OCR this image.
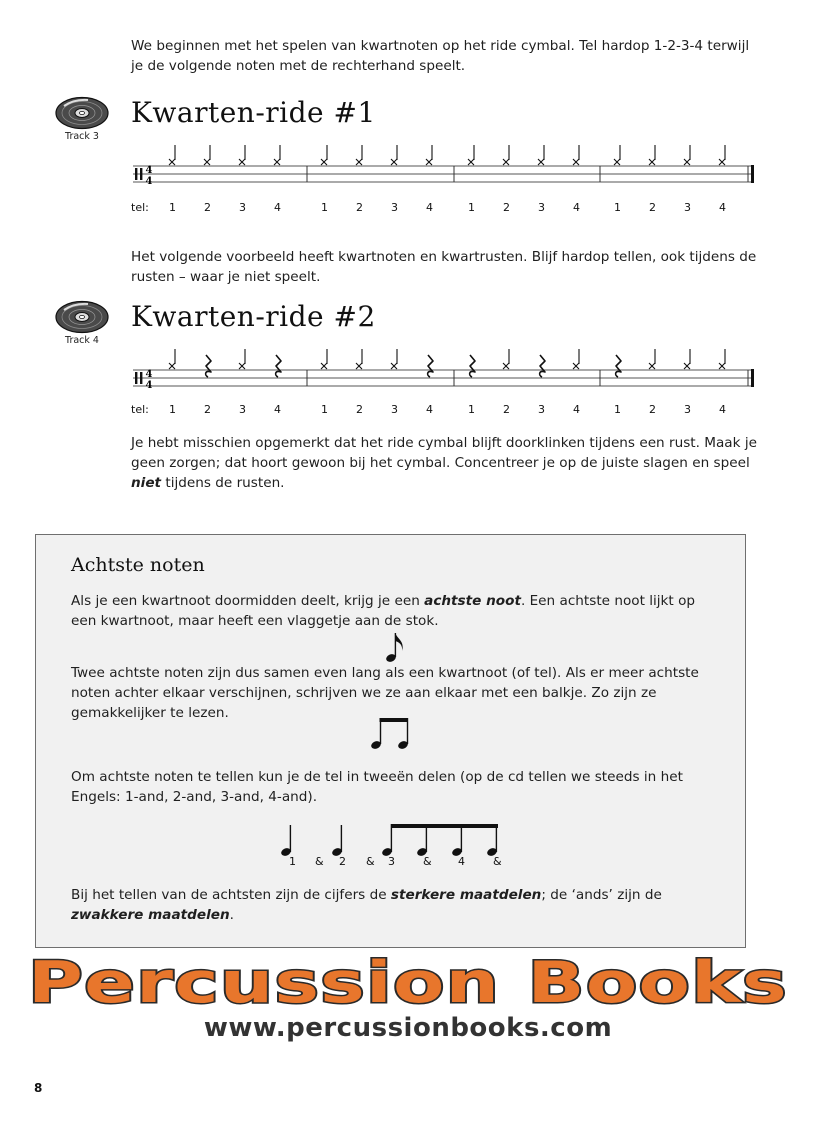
We beginnen met het spelen van kwartnoten op het ride cymbal. Tel hardop 1-2-3-4 terwijl je de volgende noten met de rechterhand speelt.

Track 3
Kwarten-ride #1
4
4
tel: 1	2	3	4	1	2	3	4	1	2	3	4	1	2	3	4

Het volgende voorbeeld heeft kwartnoten en kwartrusten. Blijf hardop tellen, ook tijdens de rusten – waar je niet speelt.

Track 4
Kwarten-ride #2
4
4
tel: 1	2	3	4	1	2	3	4	1	2	3	4	1	2	3	4

Je hebt misschien opgemerkt dat het ride cymbal blijft doorklinken tijdens een rust. Maak je geen zorgen; dat hoort gewoon bij het cymbal. Concentreer je op de juiste slagen en speel niet tijdens de rusten.

Achtste noten

Als je een kwartnoot doormidden deelt, krijg je een achtste noot. Een achtste noot lijkt op een kwartnoot, maar heeft een vlaggetje aan de stok.

Twee achtste noten zijn dus samen even lang als een kwartnoot (of tel). Als er meer achtste noten achter elkaar verschijnen, schrijven we ze aan elkaar met een balkje. Zo zijn ze gemakkelijker te lezen.

Om achtste noten te tellen kun je de tel in tweeën delen (op de cd tellen we steeds in het Engels: 1-and, 2-and, 3-and, 4-and).

1 & 2 & 3	& 4	&

Bij het tellen van de achtsten zijn de cijfers de sterkere maatdelen; de ‘ands’ zijn de zwakkere maatdelen.

Percussion Books
www.percussionbooks.com
8
